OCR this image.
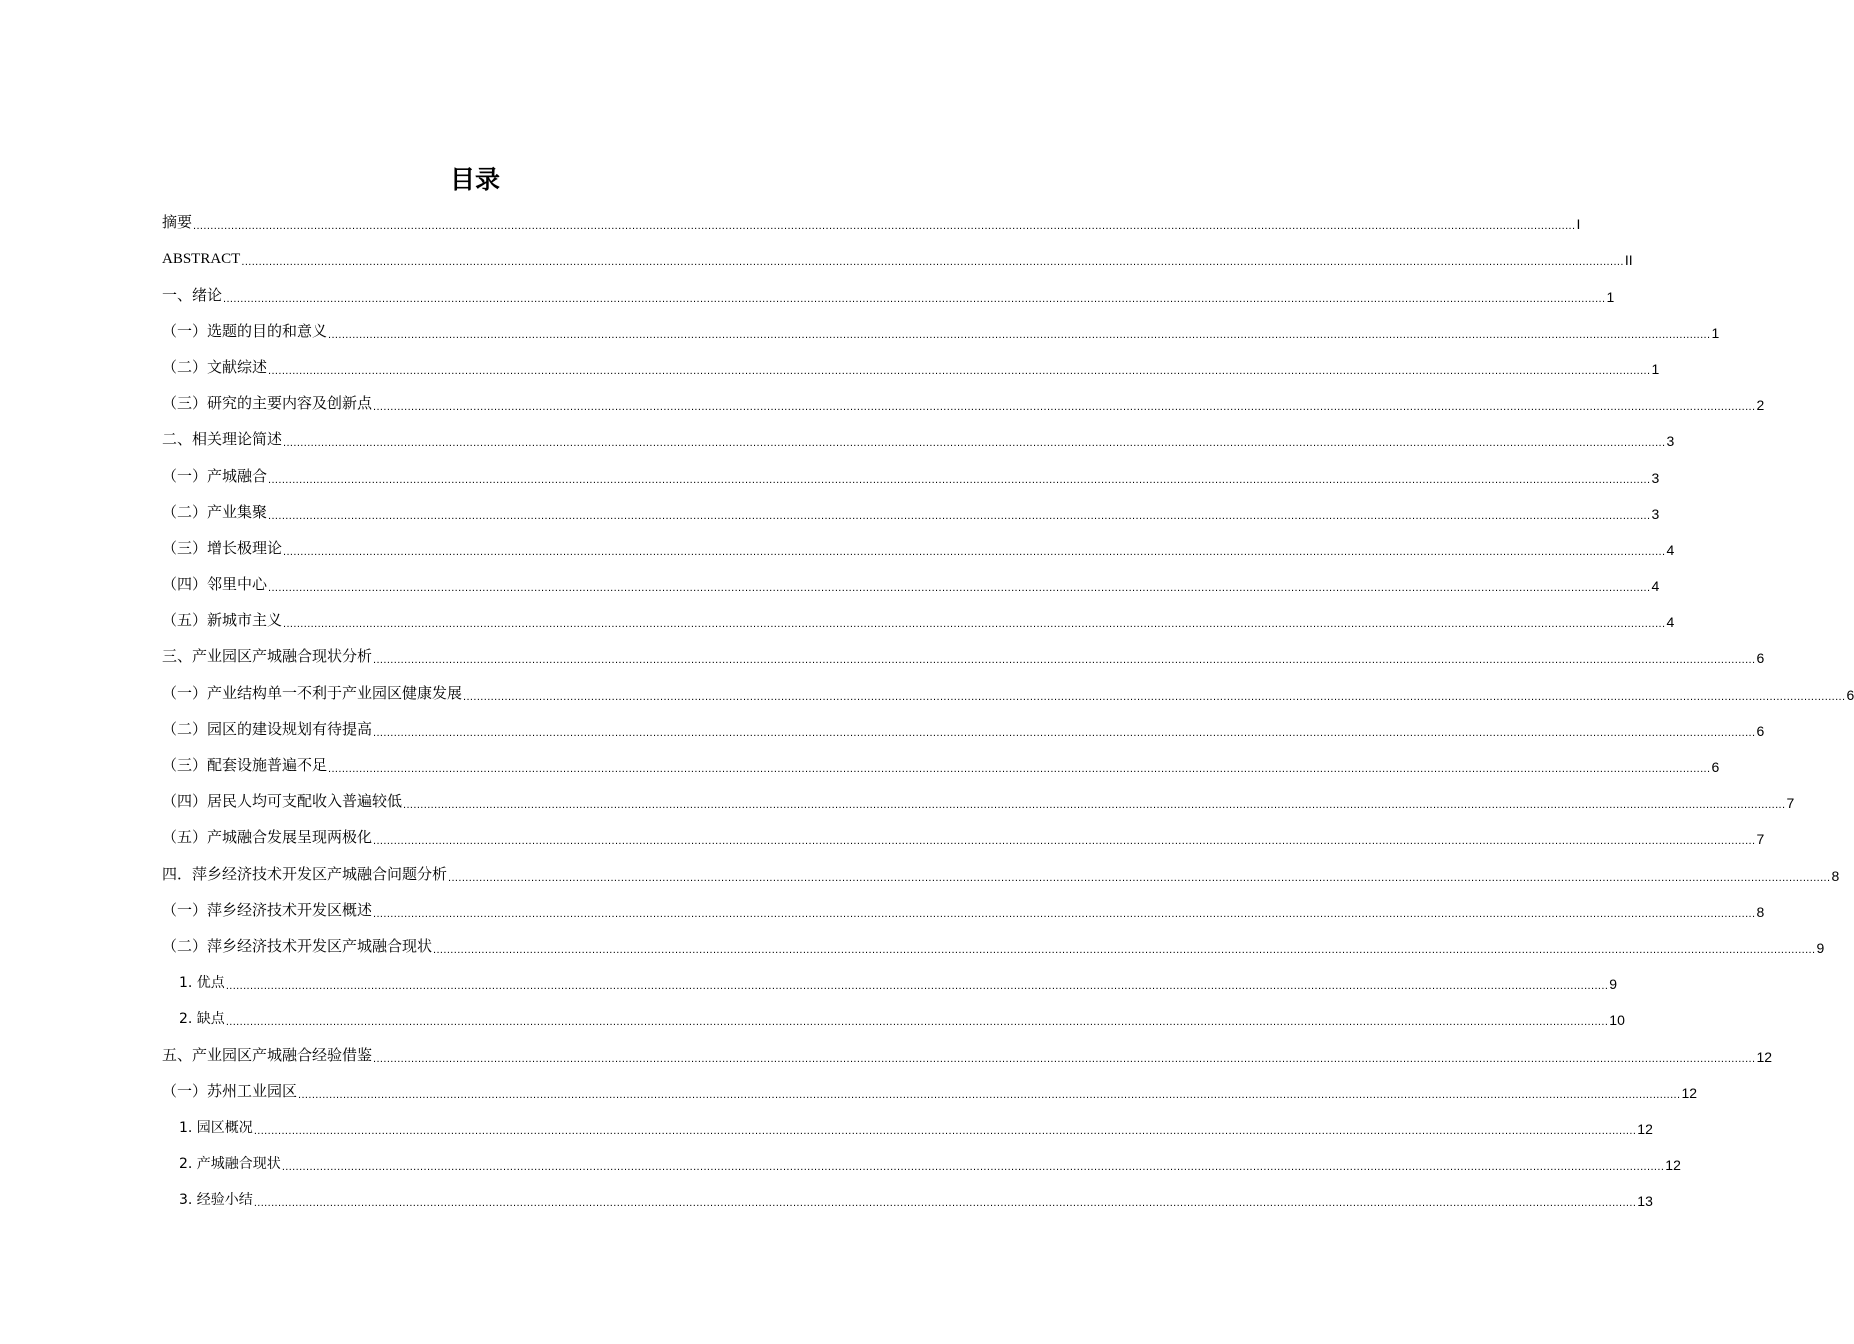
目录
摘要 ................................................................................................................................................................................................................................................................................................................................................................................................................ I
ABSTRACT ................................................................................................................................................................................................................................................................................................................................................................................................................ II
一、绪论 ................................................................................................................................................................................................................................................................................................................................................................................................................ 1
（一）选题的目的和意义 ................................................................................................................................................................................................................................................................................................................................................................................................................ 1
（二）文献综述 ................................................................................................................................................................................................................................................................................................................................................................................................................ 1
（三）研究的主要内容及创新点 ................................................................................................................................................................................................................................................................................................................................................................................................................ 2
二、相关理论简述 ................................................................................................................................................................................................................................................................................................................................................................................................................ 3
（一）产城融合 ................................................................................................................................................................................................................................................................................................................................................................................................................ 3
（二）产业集聚 ................................................................................................................................................................................................................................................................................................................................................................................................................ 3
（三）增长极理论 ................................................................................................................................................................................................................................................................................................................................................................................................................ 4
（四）邻里中心 ................................................................................................................................................................................................................................................................................................................................................................................................................ 4
（五）新城市主义 ................................................................................................................................................................................................................................................................................................................................................................................................................ 4
三、产业园区产城融合现状分析 ................................................................................................................................................................................................................................................................................................................................................................................................................ 6
（一）产业结构单一不利于产业园区健康发展 ................................................................................................................................................................................................................................................................................................................................................................................................................ 6
（二）园区的建设规划有待提高 ................................................................................................................................................................................................................................................................................................................................................................................................................ 6
（三）配套设施普遍不足 ................................................................................................................................................................................................................................................................................................................................................................................................................ 6
（四）居民人均可支配收入普遍较低 ................................................................................................................................................................................................................................................................................................................................................................................................................ 7
（五）产城融合发展呈现两极化 ................................................................................................................................................................................................................................................................................................................................................................................................................ 7
四．萍乡经济技术开发区产城融合问题分析 ................................................................................................................................................................................................................................................................................................................................................................................................................ 8
（一）萍乡经济技术开发区概述 ................................................................................................................................................................................................................................................................................................................................................................................................................ 8
（二）萍乡经济技术开发区产城融合现状 ................................................................................................................................................................................................................................................................................................................................................................................................................ 9
1. 优点 ................................................................................................................................................................................................................................................................................................................................................................................................................ 9
2. 缺点 ................................................................................................................................................................................................................................................................................................................................................................................................................ 10
五、产业园区产城融合经验借鉴 ................................................................................................................................................................................................................................................................................................................................................................................................................ 12
（一）苏州工业园区 ................................................................................................................................................................................................................................................................................................................................................................................................................ 12
1. 园区概况 ................................................................................................................................................................................................................................................................................................................................................................................................................ 12
2. 产城融合现状 ................................................................................................................................................................................................................................................................................................................................................................................................................ 12
3. 经验小结 ................................................................................................................................................................................................................................................................................................................................................................................................................ 13
